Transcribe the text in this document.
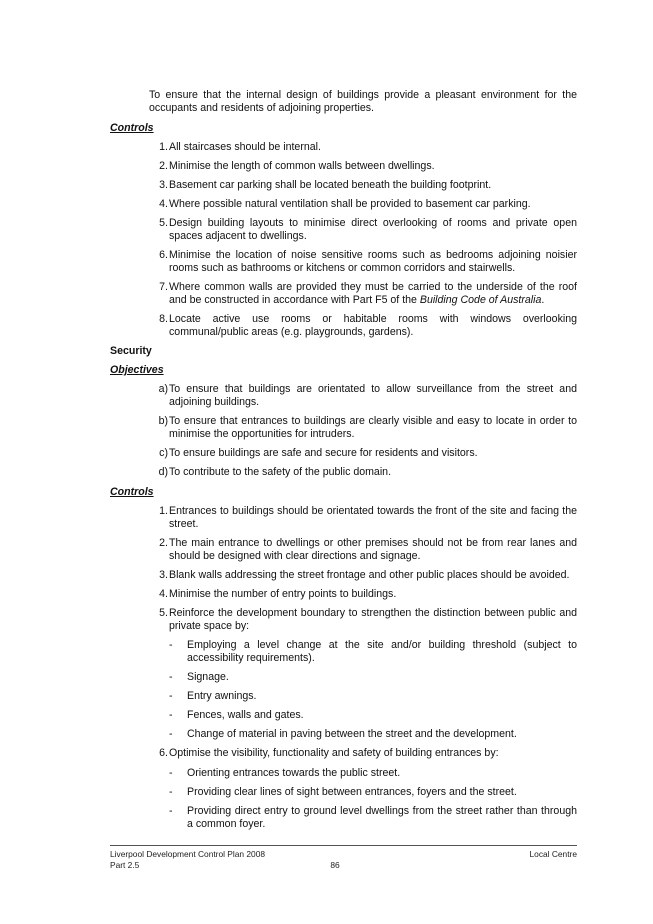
To ensure that the internal design of buildings provide a pleasant environment for the occupants and residents of adjoining properties.
Controls
1. All staircases should be internal.
2. Minimise the length of common walls between dwellings.
3. Basement car parking shall be located beneath the building footprint.
4. Where possible natural ventilation shall be provided to basement car parking.
5. Design building layouts to minimise direct overlooking of rooms and private open spaces adjacent to dwellings.
6. Minimise the location of noise sensitive rooms such as bedrooms adjoining noisier rooms such as bathrooms or kitchens or common corridors and stairwells.
7. Where common walls are provided they must be carried to the underside of the roof and be constructed in accordance with Part F5 of the Building Code of Australia.
8. Locate active use rooms or habitable rooms with windows overlooking communal/public areas (e.g. playgrounds, gardens).
Security
Objectives
a) To ensure that buildings are orientated to allow surveillance from the street and adjoining buildings.
b) To ensure that entrances to buildings are clearly visible and easy to locate in order to minimise the opportunities for intruders.
c) To ensure buildings are safe and secure for residents and visitors.
d) To contribute to the safety of the public domain.
Controls
1. Entrances to buildings should be orientated towards the front of the site and facing the street.
2. The main entrance to dwellings or other premises should not be from rear lanes and should be designed with clear directions and signage.
3. Blank walls addressing the street frontage and other public places should be avoided.
4. Minimise the number of entry points to buildings.
5. Reinforce the development boundary to strengthen the distinction between public and private space by:
- Employing a level change at the site and/or building threshold (subject to accessibility requirements).
- Signage.
- Entry awnings.
- Fences, walls and gates.
- Change of material in paving between the street and the development.
6. Optimise the visibility, functionality and safety of building entrances by:
- Orienting entrances towards the public street.
- Providing clear lines of sight between entrances, foyers and the street.
- Providing direct entry to ground level dwellings from the street rather than through a common foyer.
Liverpool Development Control Plan 2008
Part 2.5	86
Local Centre
